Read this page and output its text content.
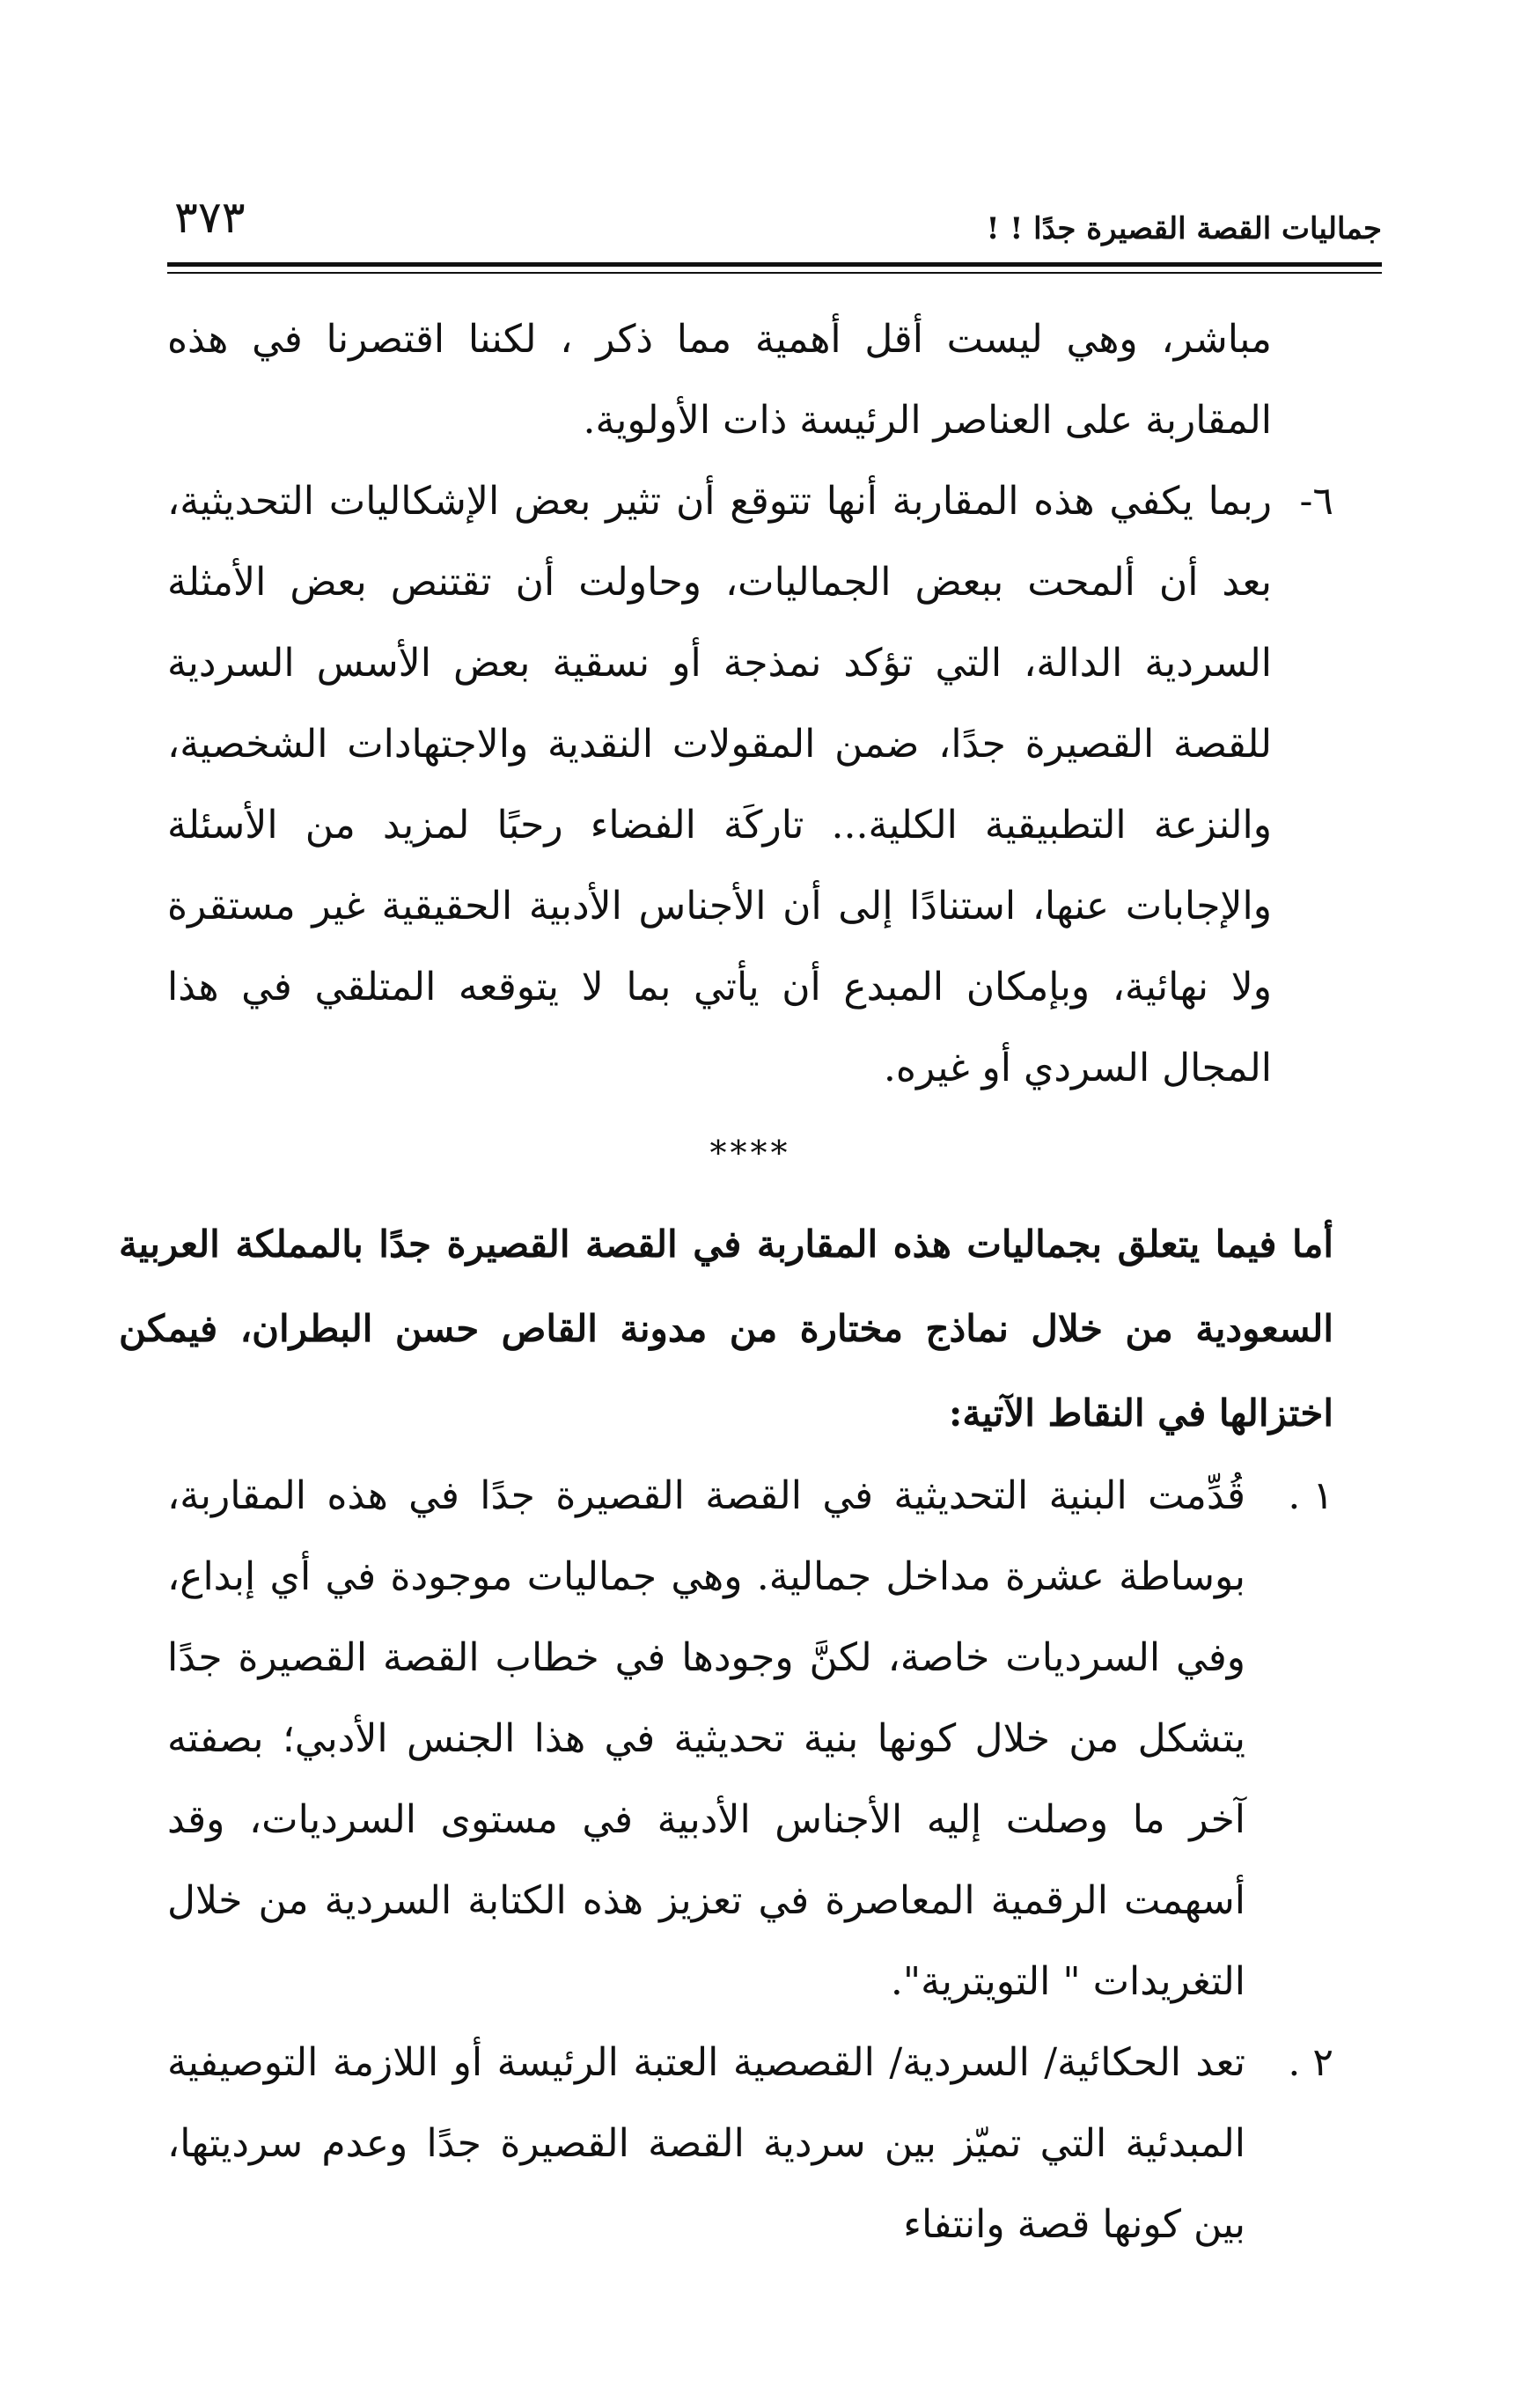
جماليات القصة القصيرة جدًا ! !
٣٧٣

مباشر، وهي ليست أقل أهمية مما ذكر ، لكننا اقتصرنا في هذه المقاربة على العناصر الرئيسة ذات الأولوية.

٦-
ربما يكفي هذه المقاربة أنها تتوقع أن تثير بعض الإشكاليات التحديثية، بعد أن ألمحت ببعض الجماليات، وحاولت أن تقتنص بعض الأمثلة السردية الدالة، التي تؤكد نمذجة أو نسقية بعض الأسس السردية للقصة القصيرة جدًا، ضمن المقولات النقدية والاجتهادات الشخصية، والنزعة التطبيقية الكلية... تاركَة الفضاء رحبًا لمزيد من الأسئلة والإجابات عنها، استنادًا إلى أن الأجناس الأدبية الحقيقية غير مستقرة ولا نهائية، وبإمكان المبدع أن يأتي بما لا يتوقعه المتلقي في هذا المجال السردي أو غيره.

****

أما فيما يتعلق بجماليات هذه المقاربة في القصة القصيرة جدًا بالمملكة العربية السعودية من خلال نماذج مختارة من مدونة القاص حسن البطران، فيمكن اختزالها في النقاط الآتية:

١ .
قُدِّمت البنية التحديثية في القصة القصيرة جدًا في هذه المقاربة، بوساطة عشرة مداخل جمالية. وهي جماليات موجودة في أي إبداع، وفي السرديات خاصة، لكنَّ وجودها في خطاب القصة القصيرة جدًا يتشكل من خلال كونها بنية تحديثية في هذا الجنس الأدبي؛ بصفته آخر ما وصلت إليه الأجناس الأدبية في مستوى السرديات، وقد أسهمت الرقمية المعاصرة في تعزيز هذه الكتابة السردية من خلال التغريدات " التويترية".

٢ .
تعد الحكائية/ السردية/ القصصية العتبة الرئيسة أو اللازمة التوصيفية المبدئية التي تميّز بين سردية القصة القصيرة جدًا وعدم سرديتها، بين كونها قصة وانتفاء
